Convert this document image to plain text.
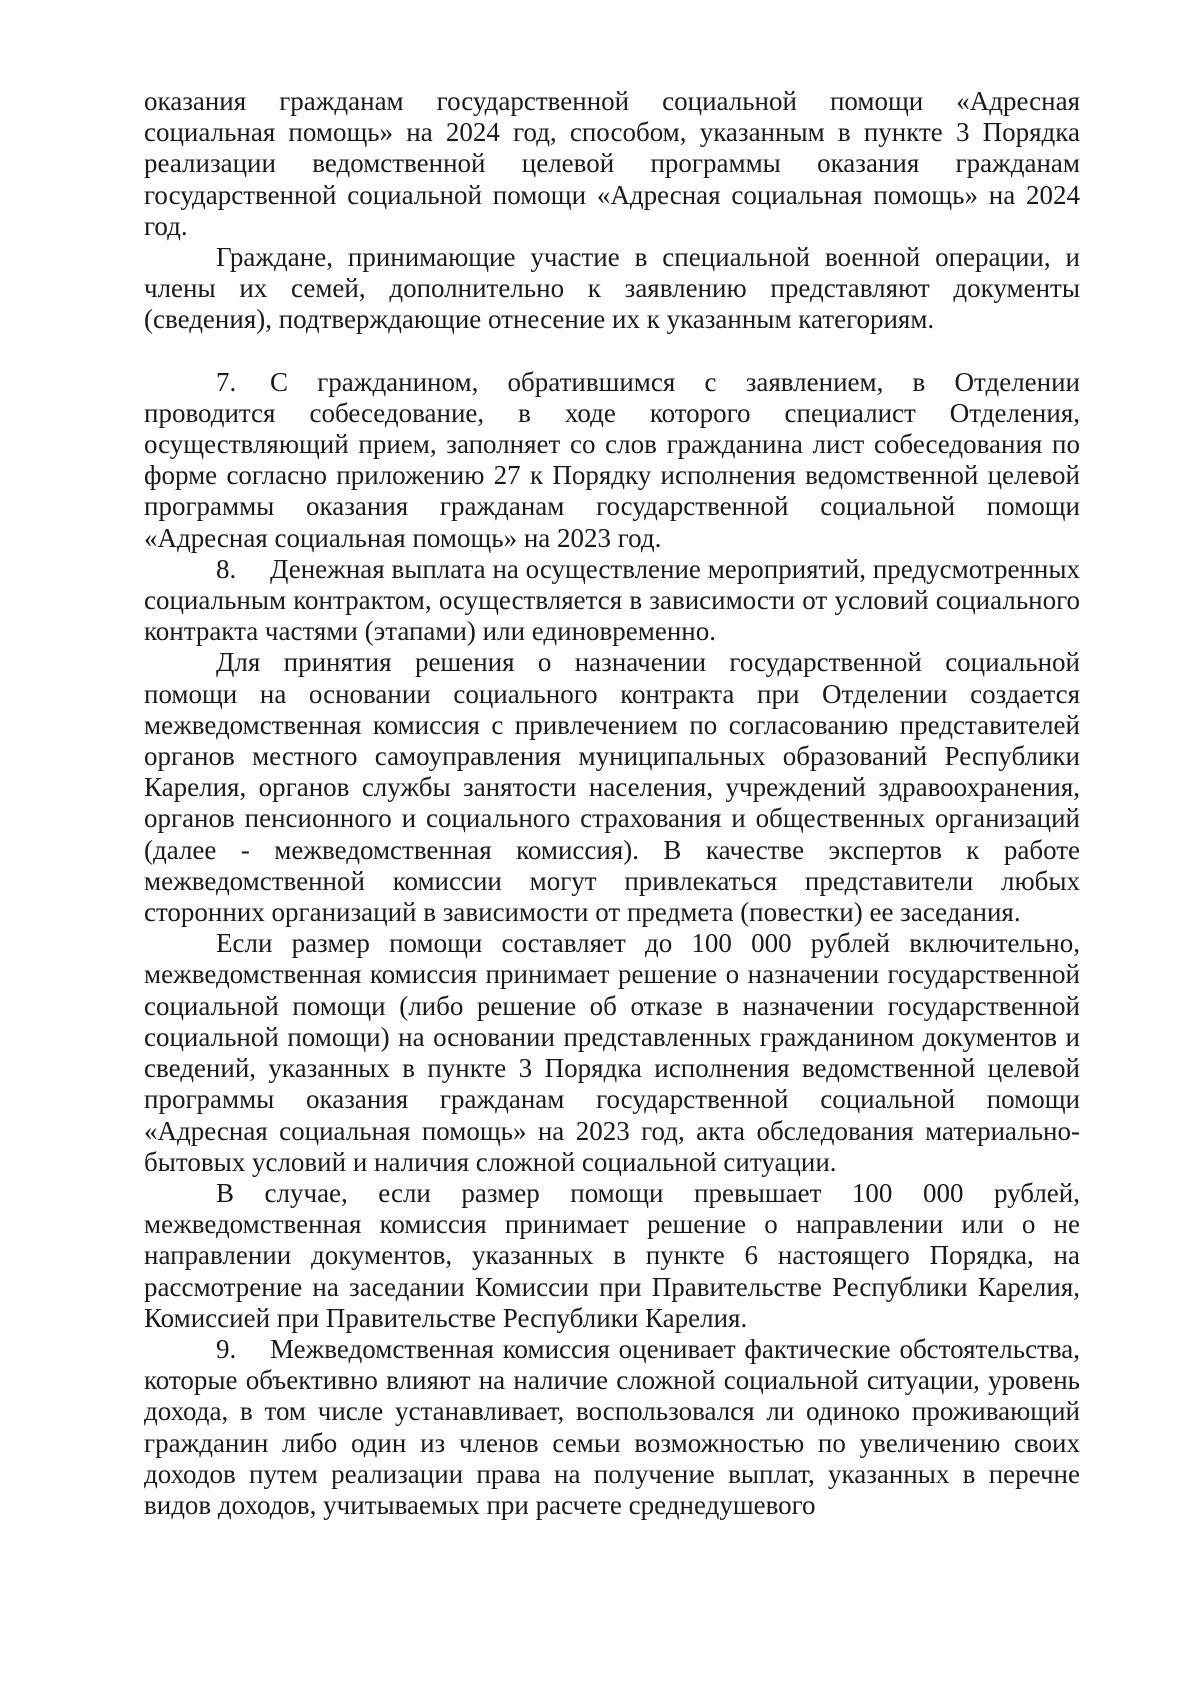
оказания гражданам государственной социальной помощи «Адресная социальная помощь» на 2024 год, способом, указанным в пункте 3 Порядка реализации ведомственной целевой программы оказания гражданам государственной социальной помощи «Адресная социальная помощь» на 2024 год.

Граждане, принимающие участие в специальной военной операции, и члены их семей, дополнительно к заявлению представляют документы (сведения), подтверждающие отнесение их к указанным категориям.

7. С гражданином, обратившимся с заявлением, в Отделении проводится собеседование, в ходе которого специалист Отделения, осуществляющий прием, заполняет со слов гражданина лист собеседования по форме согласно приложению 27 к Порядку исполнения ведомственной целевой программы оказания гражданам государственной социальной помощи «Адресная социальная помощь» на 2023 год.

8. Денежная выплата на осуществление мероприятий, предусмотренных социальным контрактом, осуществляется в зависимости от условий социального контракта частями (этапами) или единовременно.

Для принятия решения о назначении государственной социальной помощи на основании социального контракта при Отделении создается межведомственная комиссия с привлечением по согласованию представителей органов местного самоуправления муниципальных образований Республики Карелия, органов службы занятости населения, учреждений здравоохранения, органов пенсионного и социального страхования и общественных организаций (далее - межведомственная комиссия). В качестве экспертов к работе межведомственной комиссии могут привлекаться представители любых сторонних организаций в зависимости от предмета (повестки) ее заседания.

Если размер помощи составляет до 100 000 рублей включительно, межведомственная комиссия принимает решение о назначении государственной социальной помощи (либо решение об отказе в назначении государственной социальной помощи) на основании представленных гражданином документов и сведений, указанных в пункте 3 Порядка исполнения ведомственной целевой программы оказания гражданам государственной социальной помощи «Адресная социальная помощь» на 2023 год, акта обследования материально-бытовых условий и наличия сложной социальной ситуации.

В случае, если размер помощи превышает 100 000 рублей, межведомственная комиссия принимает решение о направлении или о не направлении документов, указанных в пункте 6 настоящего Порядка, на рассмотрение на заседании Комиссии при Правительстве Республики Карелия, Комиссией при Правительстве Республики Карелия.

9. Межведомственная комиссия оценивает фактические обстоятельства, которые объективно влияют на наличие сложной социальной ситуации, уровень дохода, в том числе устанавливает, воспользовался ли одиноко проживающий гражданин либо один из членов семьи возможностью по увеличению своих доходов путем реализации права на получение выплат, указанных в перечне видов доходов, учитываемых при расчете среднедушевого
